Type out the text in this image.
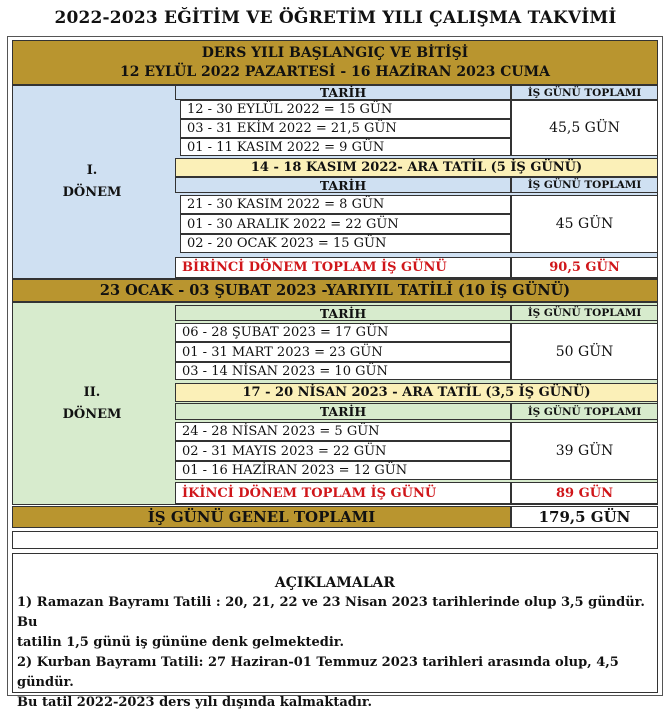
2022-2023 EĞİTİM VE ÖĞRETİM YILI ÇALIŞMA TAKVİMİ
DERS YILI BAŞLANGIÇ VE BİTİŞİ
12 EYLÜL 2022 PAZARTESİ - 16 HAZİRAN 2023 CUMA
I.
DÖNEM
TARİH	İŞ GÜNÜ TOPLAMI
12 - 30 EYLÜL 2022 = 15 GÜN
03 - 31 EKİM 2022 = 21,5 GÜN
01 - 11 KASIM 2022 = 9 GÜN
45,5 GÜN
14 - 18 KASIM 2022- ARA TATİL (5 İŞ GÜNÜ)
TARİH	İŞ GÜNÜ TOPLAMI
21 - 30 KASIM 2022 = 8 GÜN
01 - 30 ARALIK 2022 = 22 GÜN
02 - 20 OCAK 2023 = 15 GÜN
45 GÜN
BİRİNCİ DÖNEM TOPLAM İŞ GÜNÜ	90,5 GÜN
23 OCAK - 03 ŞUBAT 2023 -YARIYIL TATİLİ (10 İŞ GÜNÜ)
II.
DÖNEM
TARİH	İŞ GÜNÜ TOPLAMI
06 - 28 ŞUBAT 2023 = 17 GÜN
01 - 31 MART 2023 = 23 GÜN
03 - 14 NİSAN 2023 = 10 GÜN
50 GÜN
17 - 20 NİSAN 2023 - ARA TATİL (3,5 İŞ GÜNÜ)
TARİH	İŞ GÜNÜ TOPLAMI
24 - 28 NİSAN 2023 = 5 GÜN
02 - 31 MAYIS 2023 = 22 GÜN
01 - 16 HAZİRAN 2023 = 12 GÜN
39 GÜN
İKİNCİ DÖNEM TOPLAM İŞ GÜNÜ	89 GÜN
İŞ GÜNÜ GENEL TOPLAMI	179,5 GÜN
AÇIKLAMALAR
1) Ramazan Bayramı Tatili : 20, 21, 22 ve 23 Nisan 2023 tarihlerinde olup 3,5 gündür. Bu
tatilin 1,5 günü iş gününe denk gelmektedir.
2) Kurban Bayramı Tatili: 27 Haziran-01 Temmuz 2023 tarihleri arasında olup, 4,5 gündür.
Bu tatil 2022-2023 ders yılı dışında kalmaktadır.
